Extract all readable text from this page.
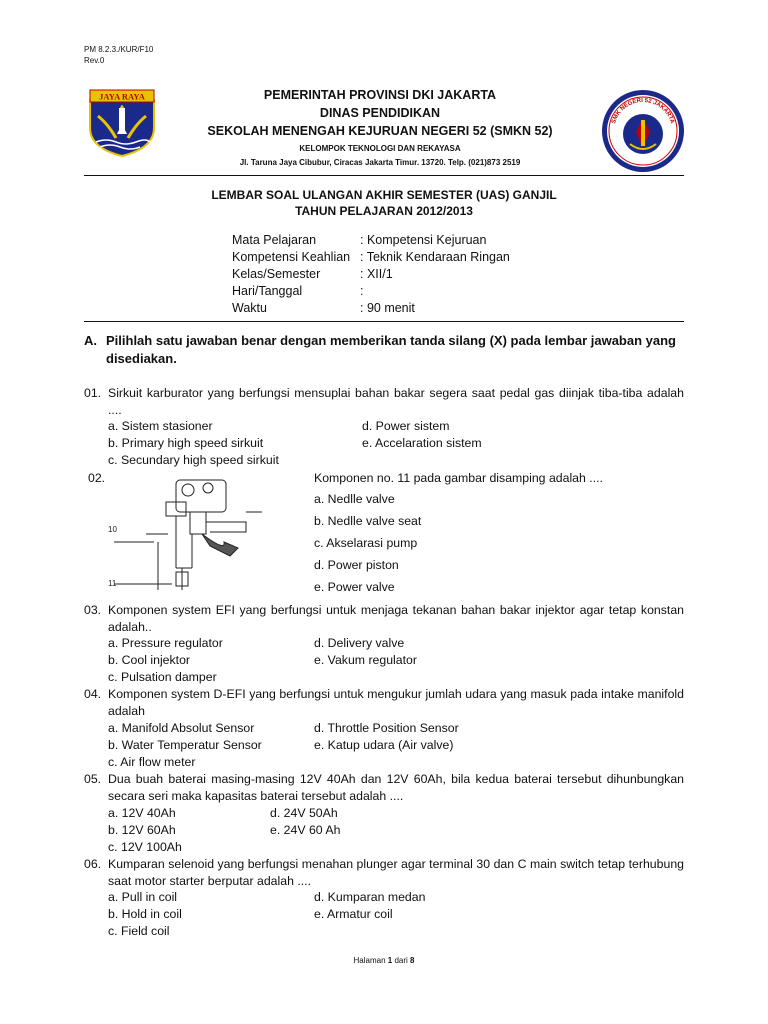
PM 8.2.3./KUR/F10
Rev.0
JAYA RAYA
SMK NEGERI 52 JAKARTA
PEMERINTAH PROVINSI DKI JAKARTA
DINAS PENDIDIKAN
SEKOLAH MENENGAH KEJURUAN NEGERI 52 (SMKN 52)
KELOMPOK TEKNOLOGI DAN REKAYASA
Jl. Taruna Jaya Cibubur, Ciracas Jakarta Timur. 13720. Telp. (021)873 2519
LEMBAR SOAL ULANGAN AKHIR SEMESTER (UAS) GANJIL
TAHUN PELAJARAN 2012/2013
Mata Pelajaran	: Kompetensi Kejuruan
Kompetensi Keahlian : Teknik Kendaraan Ringan
Kelas/Semester	: XII/1
Hari/Tanggal	:
Waktu	: 90 menit
A. Pilihlah satu jawaban benar dengan memberikan tanda silang (X) pada lembar jawaban yang disediakan.
01. Sirkuit karburator yang berfungsi mensuplai bahan bakar segera saat pedal gas diinjak tiba-tiba adalah ....
a. Sistem stasioner
b. Primary high speed sirkuit
c. Secundary high speed sirkuit
d. Power sistem
e. Accelaration sistem
02.
10
11
Komponen no. 11 pada gambar disamping adalah ....
a. Nedlle valve
b. Nedlle valve seat
c. Akselarasi pump
d. Power piston
e. Power valve
03. Komponen system EFI yang berfungsi untuk menjaga tekanan bahan bakar injektor agar tetap konstan adalah..
a. Pressure regulator
b. Cool injektor
c. Pulsation damper
d. Delivery valve
e. Vakum regulator
04. Komponen system D-EFI yang berfungsi untuk mengukur jumlah udara yang masuk pada intake manifold adalah
a. Manifold Absolut Sensor
b. Water Temperatur Sensor
c. Air flow meter
d. Throttle Position Sensor
e. Katup udara (Air valve)
05. Dua buah baterai masing-masing 12V 40Ah dan 12V 60Ah, bila kedua baterai tersebut dihunbungkan secara seri maka kapasitas baterai tersebut adalah ....
a. 12V 40Ah
b. 12V 60Ah
c. 12V 100Ah
d. 24V 50Ah
e. 24V 60 Ah
06. Kumparan selenoid yang berfungsi menahan plunger agar terminal 30 dan C main switch tetap terhubung saat motor starter berputar adalah ....
a. Pull in coil
b. Hold in coil
c. Field coil
d. Kumparan medan
e. Armatur coil
Halaman 1 dari 8
